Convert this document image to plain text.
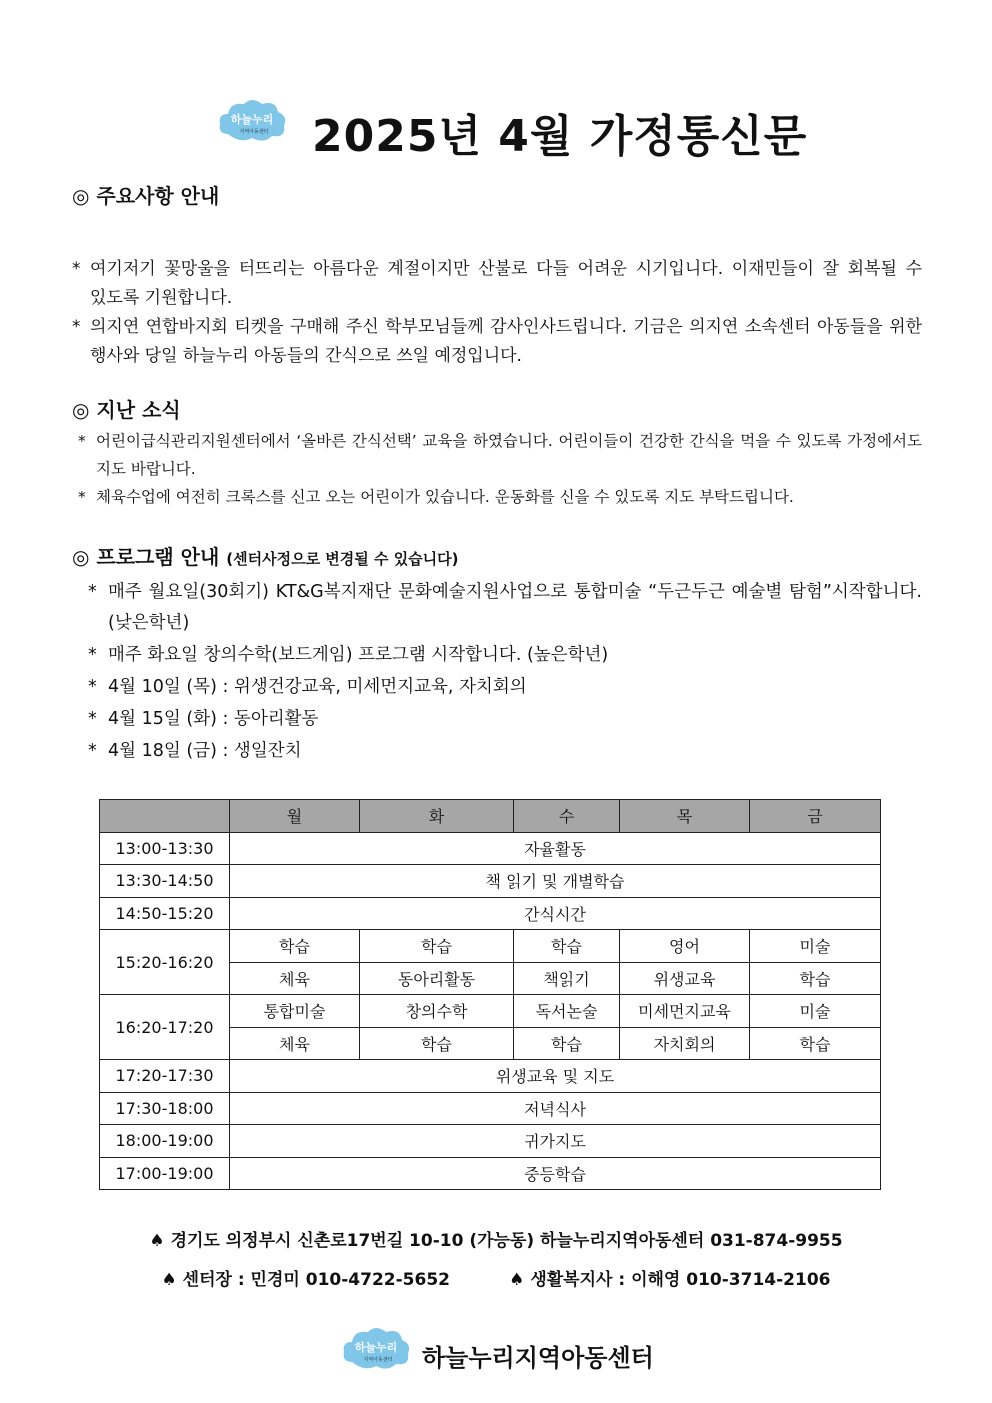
하늘누리
지역아동센터 2025년 4월 가정통신문
◎ 주요사항 안내
* 여기저기 꽃망울을 터뜨리는 아름다운 계절이지만 산불로 다들 어려운 시기입니다. 이재민들이 잘 회복될 수 있도록 기원합니다.
* 의지연 연합바지회 티켓을 구매해 주신 학부모님들께 감사인사드립니다. 기금은 의지연 소속센터 아동들을 위한 행사와 당일 하늘누리 아동들의 간식으로 쓰일 예정입니다.
◎ 지난 소식
* 어린이급식관리지원센터에서 ‘올바른 간식선택’ 교육을 하였습니다. 어린이들이 건강한 간식을 먹을 수 있도록 가정에서도 지도 바랍니다.
* 체육수업에 여전히 크록스를 신고 오는 어린이가 있습니다. 운동화를 신을 수 있도록 지도 부탁드립니다.
◎ 프로그램 안내 (센터사정으로 변경될 수 있습니다)
* 매주 월요일(30회기) KT&G복지재단 문화예술지원사업으로 통합미술 “두근두근 예술별 탐험”시작합니다.(낮은학년)
* 매주 화요일 창의수학(보드게임) 프로그램 시작합니다. (높은학년)
* 4월 10일 (목) : 위생건강교육, 미세먼지교육, 자치회의
* 4월 15일 (화) : 동아리활동
* 4월 18일 (금) : 생일잔치
	월	화	수	목	금
13:00-13:30	자율활동				
13:30-14:50	책 읽기 및 개별학습				
14:50-15:20	간식시간				
15:20-16:20	학습	학습	학습	영어	미술
	체육	동아리활동	책읽기	위생교육	학습
16:20-17:20	통합미술	창의수학	독서논술	미세먼지교육	미술
	체육	학습	학습	자치회의	학습
17:20-17:30	위생교육 및 지도				
17:30-18:00	저녁식사				
18:00-19:00	귀가지도				
17:00-19:00	중등학습				
♠ 경기도 의정부시 신촌로17번길 10-10 (가능동) 하늘누리지역아동센터 031-874-9955
♠ 센터장 : 민경미 010-4722-5652	♠ 생활복지사 : 이해영 010-3714-2106
하늘누리
지역아동센터 하늘누리지역아동센터
